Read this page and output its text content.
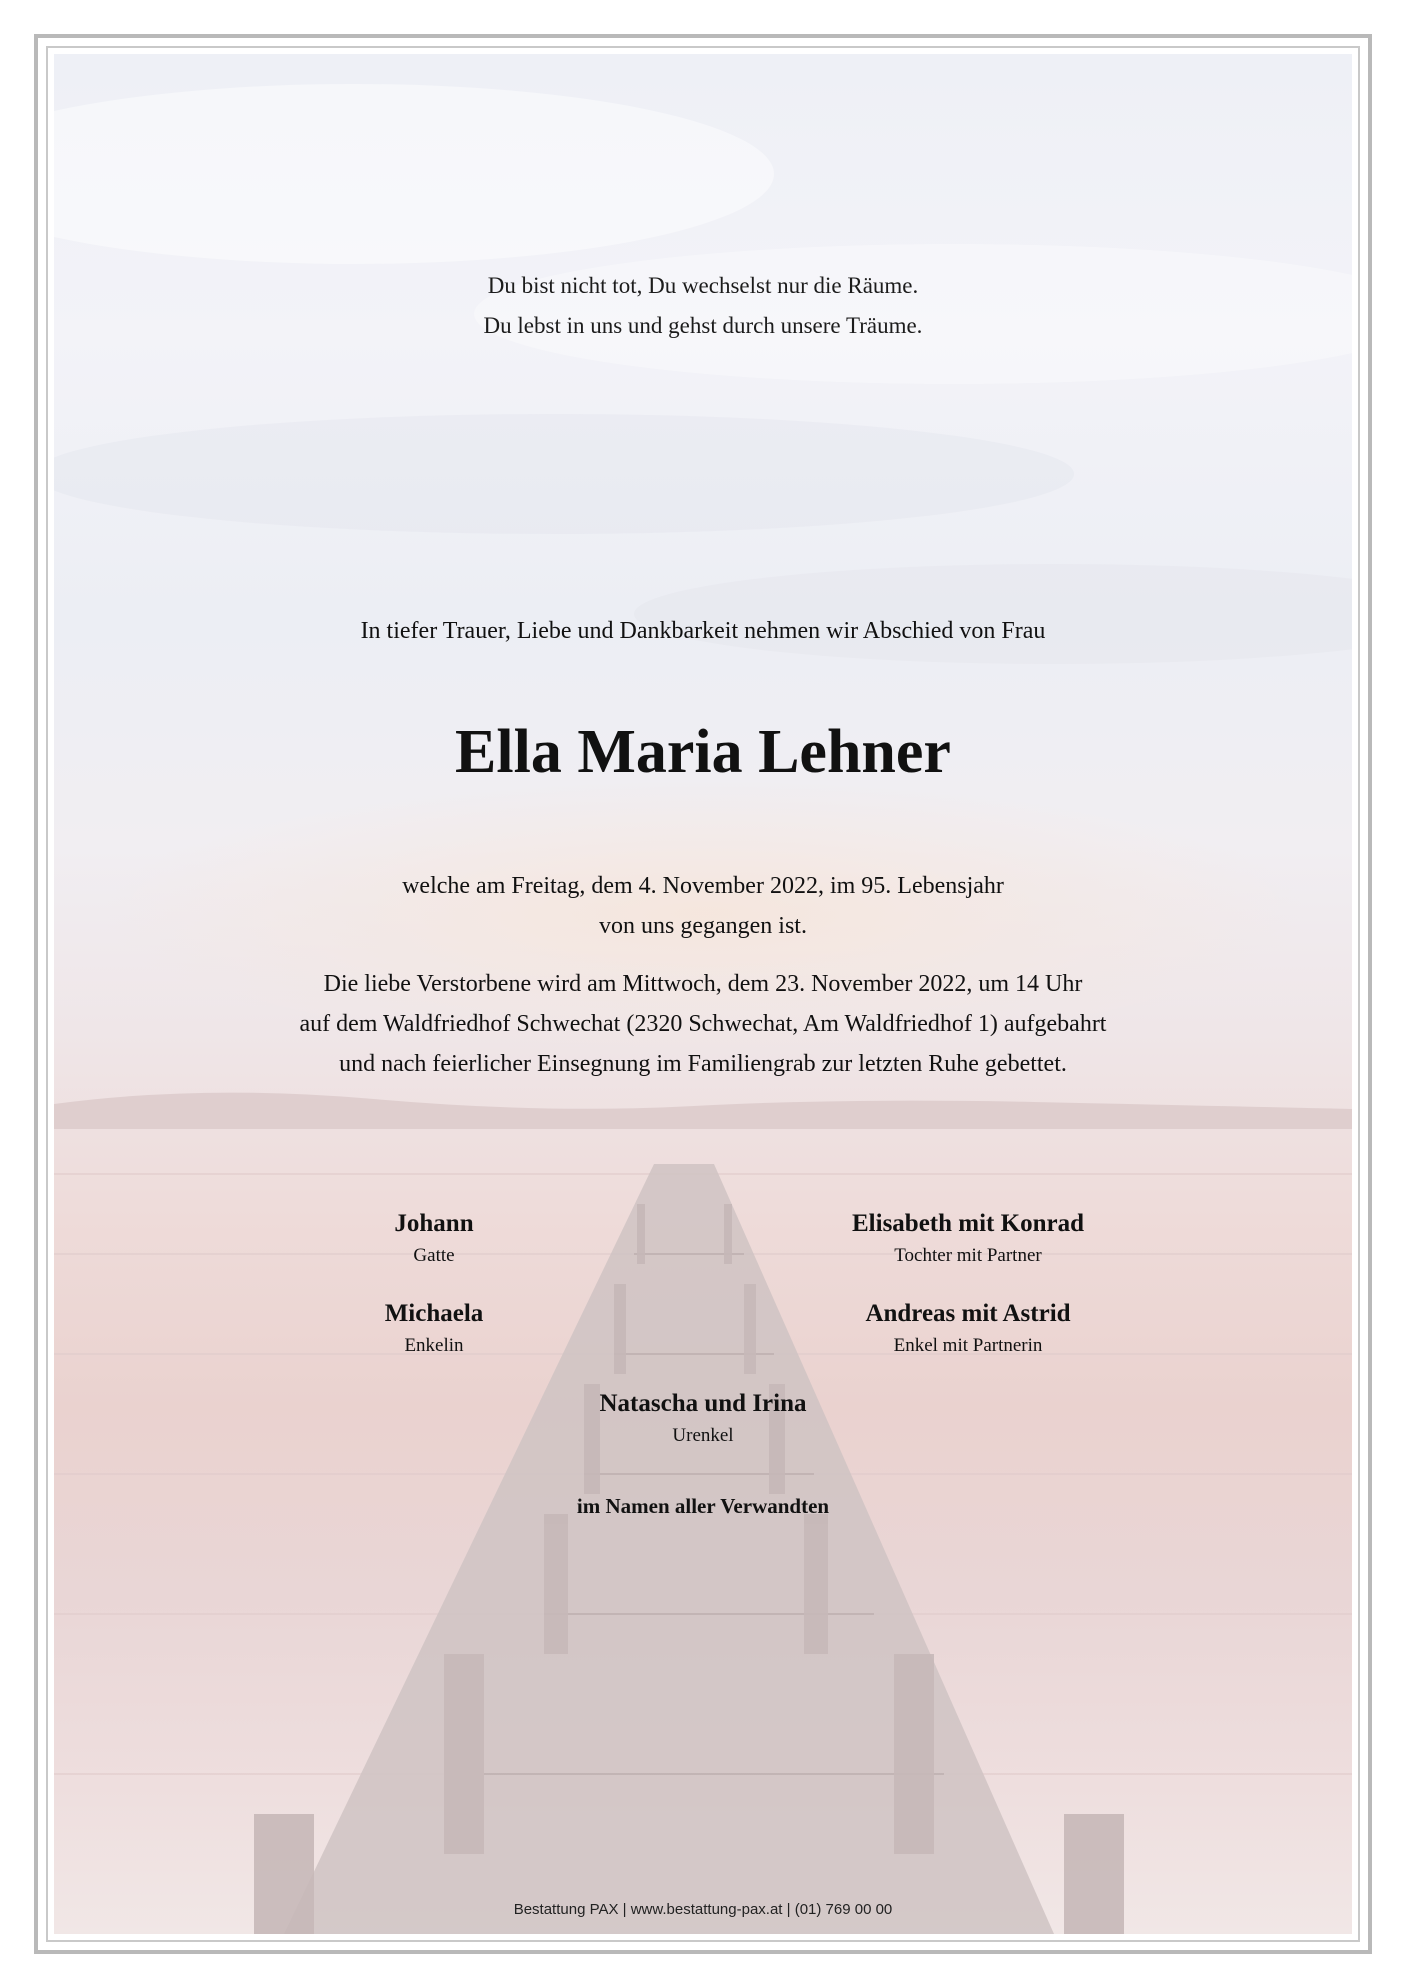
Du bist nicht tot, Du wechselst nur die Räume.
Du lebst in uns und gehst durch unsere Träume.
In tiefer Trauer, Liebe und Dankbarkeit nehmen wir Abschied von Frau
Ella Maria Lehner

welche am Freitag, dem 4. November 2022, im 95. Lebensjahr

von uns gegangen ist.

Die liebe Verstorbene wird am Mittwoch, dem 23. November 2022, um 14 Uhr

auf dem Waldfriedhof Schwechat (2320 Schwechat, Am Waldfriedhof 1) aufgebahrt

und nach feierlicher Einsegnung im Familiengrab zur letzten Ruhe gebettet.

Johann
Gatte
Elisabeth mit Konrad
Tochter mit Partner
Michaela
Enkelin
Andreas mit Astrid
Enkel mit Partnerin
Natascha und Irina
Urenkel
im Namen aller Verwandten
Bestattung PAX | www.bestattung-pax.at | (01) 769 00 00
